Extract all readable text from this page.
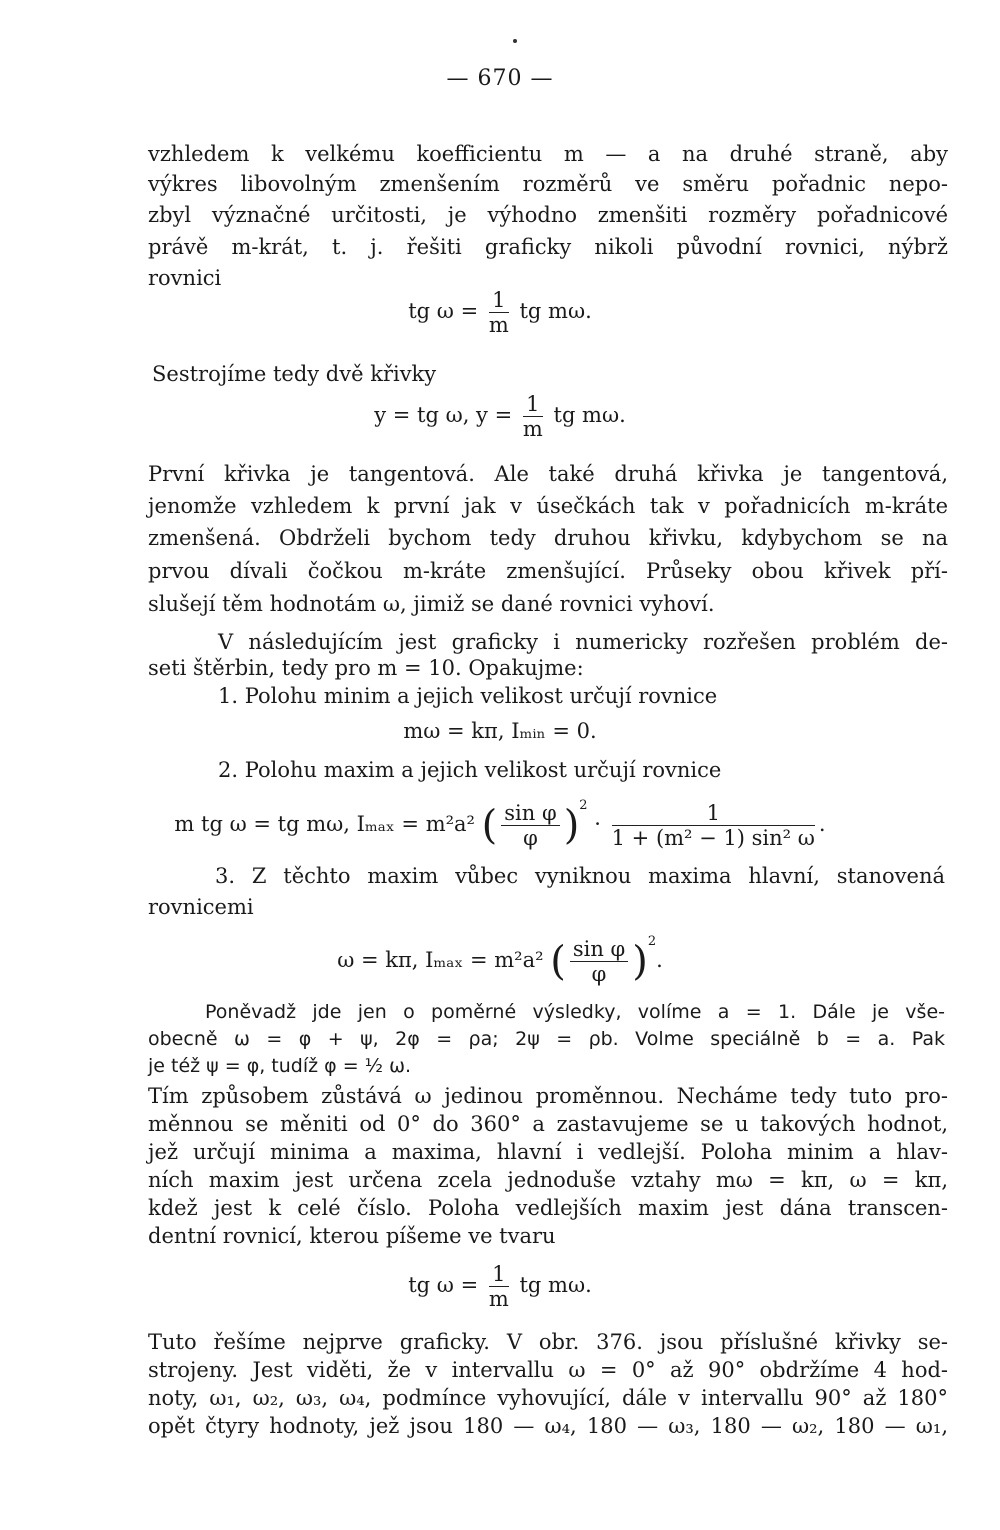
— 670 —
vzhledem k velkému koefficientu m — a na druhé straně, aby
výkres libovolným zmenšením rozměrů ve směru pořadnic nepo-
zbyl význačné určitosti, je výhodno zmenšiti rozměry pořadnicové
právě m-krát, t. j. řešiti graficky nikoli původní rovnici, nýbrž
rovnici
tg $\omega = \frac{1}{m}$ tg mω.
Sestrojíme tedy dvě křivky
y = tg ω, $y = \frac{1}{m}$ tg mω.
První křivka je tangentová. Ale také druhá křivka je tangentová,
jenomže vzhledem k první jak v úsečkách tak v pořadnicích m-kráte
zmenšená. Obdrželi bychom tedy druhou křivku, kdybychom se na
prvou dívali čočkou m-kráte zmenšující. Průseky obou křivek pří-
slušejí těm hodnotám ω, jimiž se dané rovnici vyhoví.
V následujícím jest graficky i numericky rozřešen problém de-
seti štěrbin, tedy pro m = 10. Opakujme:
1. Polohu minim a jejich velikost určují rovnice
mω = kπ, Iₘᵢₙ = 0.
2. Polohu maxim a jejich velikost určují rovnice
m tg ω = tg mω, Iₘₐₓ = m²a² ( $\frac{\text{sin φ}}{\varphi} )^2 \cdot \frac{1}{\text{1 + (m² − 1) sin² ω}}$ .
3. Z těchto maxim vůbec vyniknou maxima hlavní, stanovená
rovnicemi
ω = kπ, Iₘₐₓ = m²a² ( $\frac{\text{sin φ}}{\varphi} )^2$.
Poněvadž jde jen o poměrné výsledky, volíme a = 1. Dále je vše-
obecně ω = φ + ψ, 2φ = ρa; 2ψ = ρb. Volme speciálně b = a. Pak
je též ψ = φ, tudíž φ = ½ ω.
Tím způsobem zůstává ω jedinou proměnnou. Necháme tedy tuto pro-
měnnou se měniti od 0° do 360° a zastavujeme se u takových hodnot,
jež určují minima a maxima, hlavní i vedlejší. Poloha minim a hlav-
ních maxim jest určena zcela jednoduše vztahy mω = kπ, ω = kπ,
kdež jest k celé číslo. Poloha vedlejších maxim jest dána transcen-
dentní rovnicí, kterou píšeme ve tvaru
tg $\omega = \frac{1}{m}$ tg mω.
Tuto řešíme nejprve graficky. V obr. 376. jsou příslušné křivky se-
strojeny. Jest viděti, že v intervallu ω = 0° až 90° obdržíme 4 hod-
noty, ω₁, ω₂, ω₃, ω₄, podmínce vyhovující, dále v intervallu 90° až 180°
opět čtyry hodnoty, jež jsou 180 — ω₄, 180 — ω₃, 180 — ω₂, 180 — ω₁,
